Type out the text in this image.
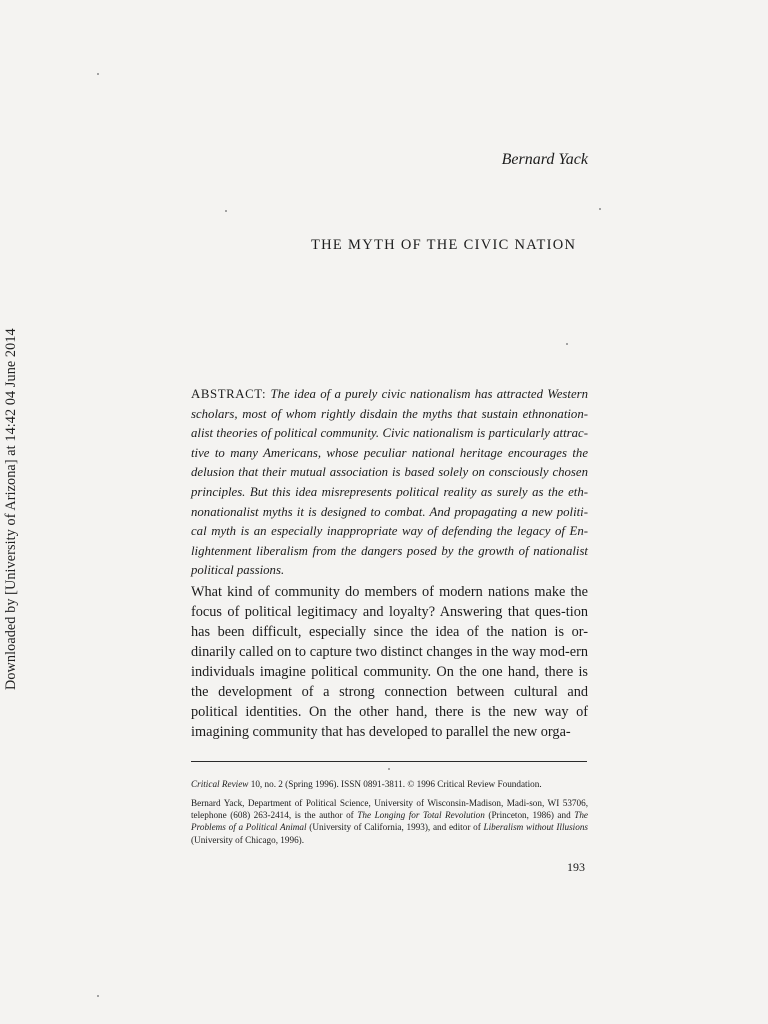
Downloaded by [University of Arizona] at 14:42 04 June 2014
Bernard Yack
THE MYTH OF THE CIVIC NATION
ABSTRACT: The idea of a purely civic nationalism has attracted Western scholars, most of whom rightly disdain the myths that sustain ethnonation-alist theories of political community. Civic nationalism is particularly attrac-tive to many Americans, whose peculiar national heritage encourages the delusion that their mutual association is based solely on consciously chosen principles. But this idea misrepresents political reality as surely as the eth-nonationalist myths it is designed to combat. And propagating a new politi-cal myth is an especially inappropriate way of defending the legacy of En-lightenment liberalism from the dangers posed by the growth of nationalist political passions.
What kind of community do members of modern nations make the focus of political legitimacy and loyalty? Answering that ques-tion has been difficult, especially since the idea of the nation is or-dinarily called on to capture two distinct changes in the way mod-ern individuals imagine political community. On the one hand, there is the development of a strong connection between cultural and political identities. On the other hand, there is the new way of imagining community that has developed to parallel the new orga-
Critical Review 10, no. 2 (Spring 1996). ISSN 0891-3811. © 1996 Critical Review Foundation.
Bernard Yack, Department of Political Science, University of Wisconsin-Madison, Madi-son, WI 53706, telephone (608) 263-2414, is the author of The Longing for Total Revolution (Princeton, 1986) and The Problems of a Political Animal (University of California, 1993), and editor of Liberalism without Illusions (University of Chicago, 1996).
193
